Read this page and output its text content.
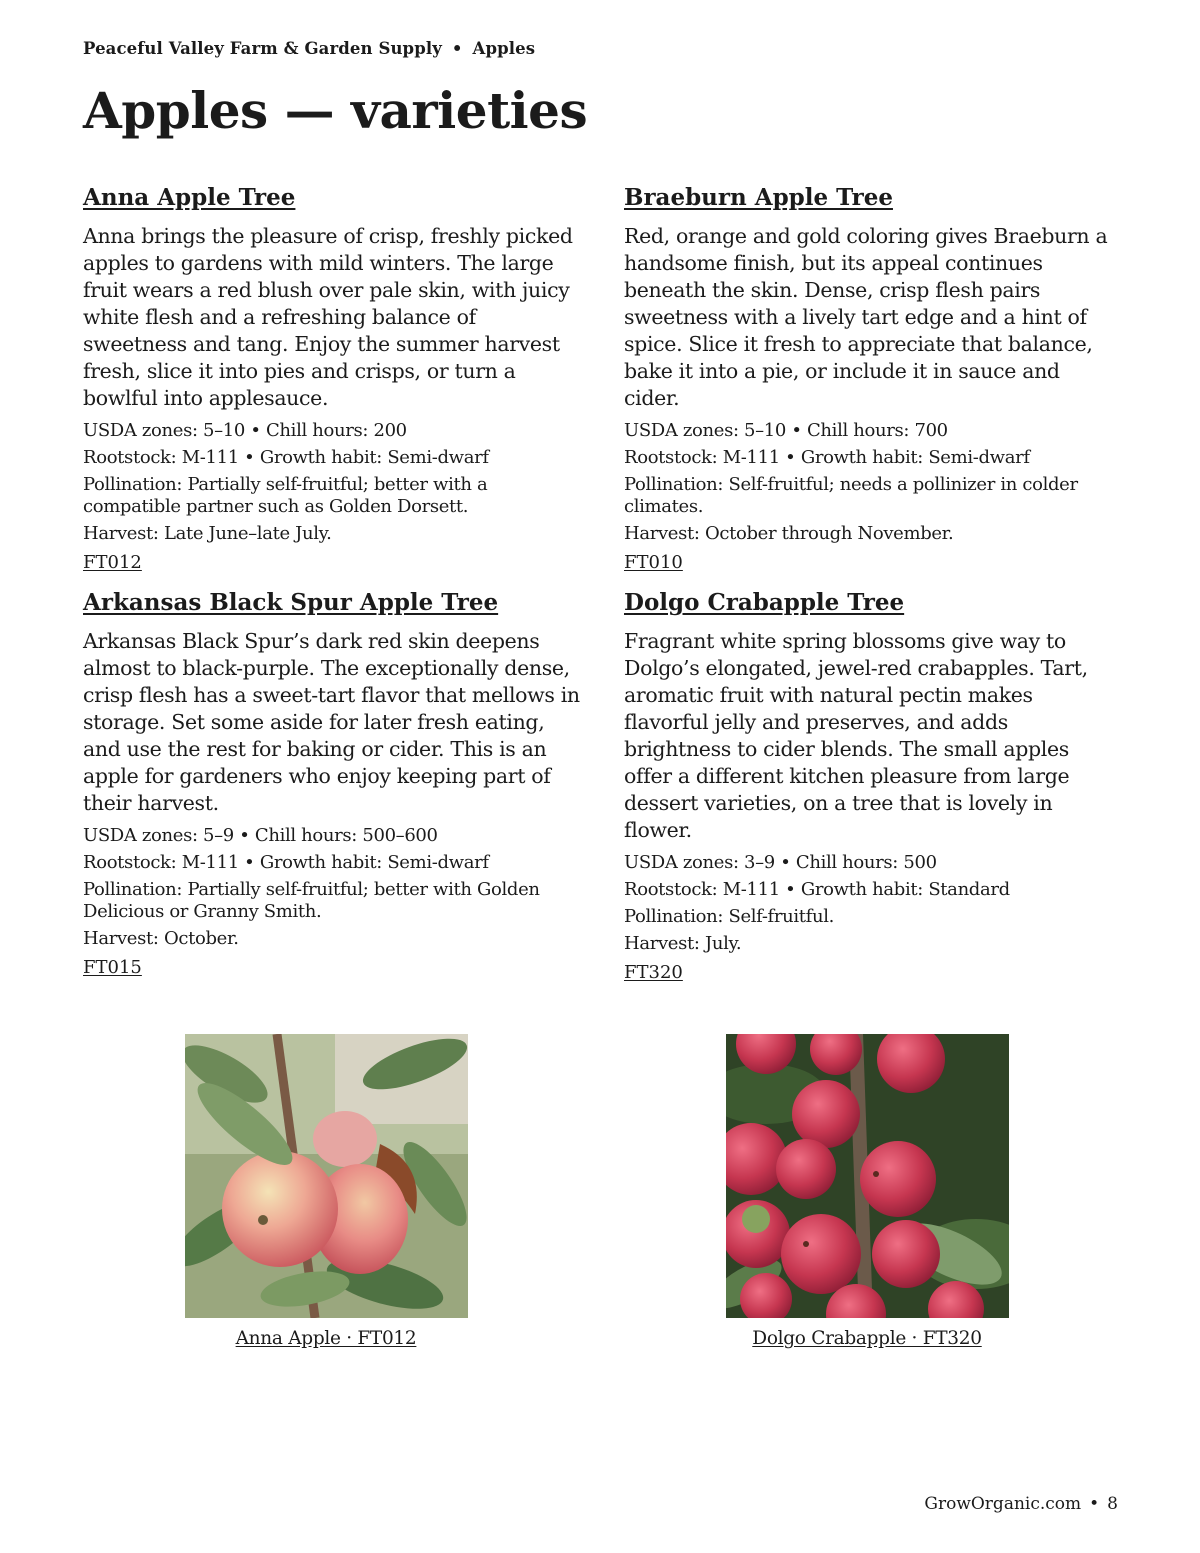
Peaceful Valley Farm & Garden Supply • Apples
Apples — varieties
Anna Apple Tree

Anna brings the pleasure of crisp, freshly picked apples to gardens with mild winters. The large fruit wears a red blush over pale skin, with juicy white flesh and a refreshing balance of sweetness and tang. Enjoy the summer harvest fresh, slice it into pies and crisps, or turn a bowlful into applesauce.

USDA zones: 5–10 • Chill hours: 200

Rootstock: M-111 • Growth habit: Semi-dwarf

Pollination: Partially self-fruitful; better with a compatible partner such as Golden Dorsett.

Harvest: Late June–late July.

FT012
Arkansas Black Spur Apple Tree

Arkansas Black Spur’s dark red skin deepens almost to black-purple. The exceptionally dense, crisp flesh has a sweet-tart flavor that mellows in storage. Set some aside for later fresh eating, and use the rest for baking or cider. This is an apple for gardeners who enjoy keeping part of their harvest.

USDA zones: 5–9 • Chill hours: 500–600

Rootstock: M-111 • Growth habit: Semi-dwarf

Pollination: Partially self-fruitful; better with Golden Delicious or Granny Smith.

Harvest: October.

FT015
Braeburn Apple Tree

Red, orange and gold coloring gives Braeburn a handsome finish, but its appeal continues beneath the skin. Dense, crisp flesh pairs sweetness with a lively tart edge and a hint of spice. Slice it fresh to appreciate that balance, bake it into a pie, or include it in sauce and cider.

USDA zones: 5–10 • Chill hours: 700

Rootstock: M-111 • Growth habit: Semi-dwarf

Pollination: Self-fruitful; needs a pollinizer in colder climates.

Harvest: October through November.

FT010
Dolgo Crabapple Tree

Fragrant white spring blossoms give way to Dolgo’s elongated, jewel-red crabapples. Tart, aromatic fruit with natural pectin makes flavorful jelly and preserves, and adds brightness to cider blends. The small apples offer a different kitchen pleasure from large dessert varieties, on a tree that is lovely in flower.

USDA zones: 3–9 • Chill hours: 500

Rootstock: M-111 • Growth habit: Standard

Pollination: Self-fruitful.

Harvest: July.

FT320
Anna Apple · FT012	Dolgo Crabapple · FT320
GrowOrganic.com • 8
